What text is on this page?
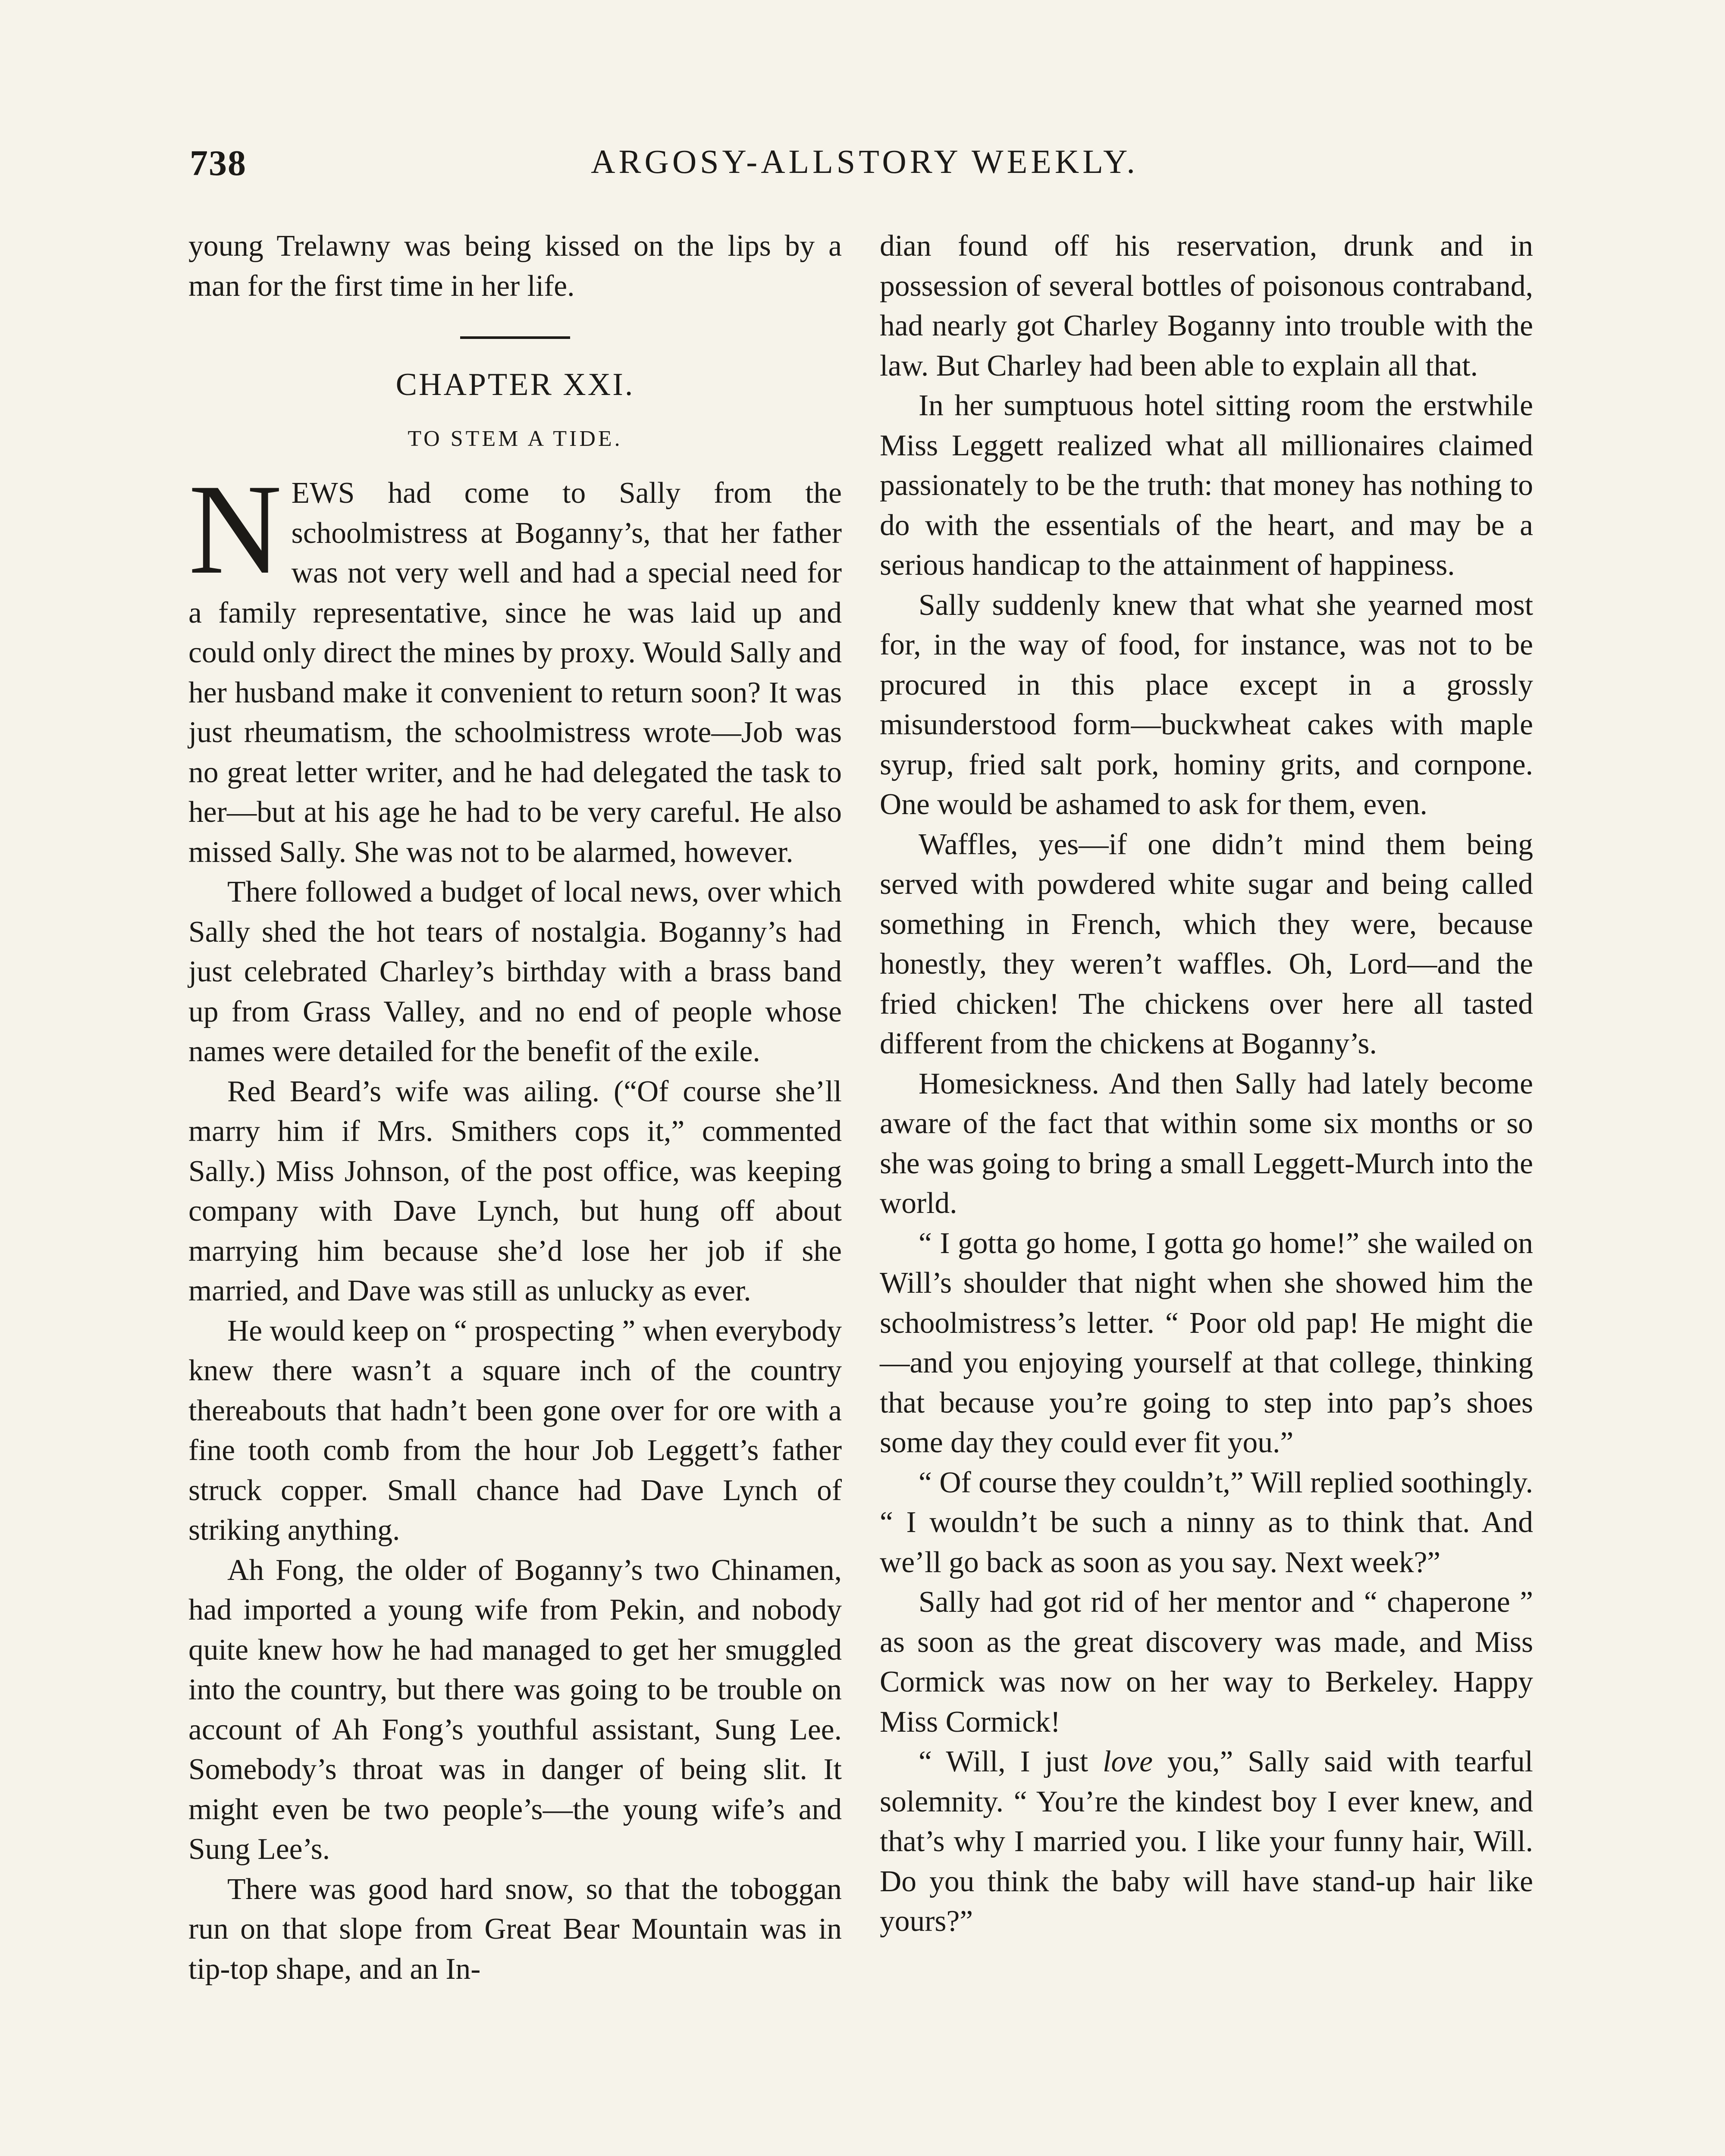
738	ARGOSY-ALLSTORY WEEKLY.

young Trelawny was being kissed on the lips by a man for the first time in her life.

CHAPTER XXI.
TO STEM A TIDE.

NEWS had come to Sally from the schoolmistress at Boganny’s, that her father was not very well and had a special need for a family representative, since he was laid up and could only direct the mines by proxy. Would Sally and her husband make it convenient to return soon? It was just rheumatism, the schoolmistress wrote—Job was no great letter writer, and he had delegated the task to her—but at his age he had to be very careful. He also missed Sally. She was not to be alarmed, however.

There followed a budget of local news, over which Sally shed the hot tears of nostalgia. Boganny’s had just celebrated Charley’s birthday with a brass band up from Grass Valley, and no end of people whose names were detailed for the benefit of the exile.

Red Beard’s wife was ailing. (“Of course she’ll marry him if Mrs. Smithers cops it,” commented Sally.) Miss Johnson, of the post office, was keeping company with Dave Lynch, but hung off about marrying him because she’d lose her job if she married, and Dave was still as unlucky as ever.

He would keep on “ prospecting ” when everybody knew there wasn’t a square inch of the country thereabouts that hadn’t been gone over for ore with a fine tooth comb from the hour Job Leggett’s father struck copper. Small chance had Dave Lynch of striking anything.

Ah Fong, the older of Boganny’s two Chinamen, had imported a young wife from Pekin, and nobody quite knew how he had managed to get her smuggled into the country, but there was going to be trouble on account of Ah Fong’s youthful assistant, Sung Lee. Somebody’s throat was in danger of being slit. It might even be two people’s—the young wife’s and Sung Lee’s.

There was good hard snow, so that the toboggan run on that slope from Great Bear Mountain was in tip-top shape, and an In-

dian found off his reservation, drunk and in possession of several bottles of poisonous contraband, had nearly got Charley Boganny into trouble with the law. But Charley had been able to explain all that.

In her sumptuous hotel sitting room the erstwhile Miss Leggett realized what all millionaires claimed passionately to be the truth: that money has nothing to do with the essentials of the heart, and may be a serious handicap to the attainment of happiness.

Sally suddenly knew that what she yearned most for, in the way of food, for instance, was not to be procured in this place except in a grossly misunderstood form—buckwheat cakes with maple syrup, fried salt pork, hominy grits, and cornpone. One would be ashamed to ask for them, even.

Waffles, yes—if one didn’t mind them being served with powdered white sugar and being called something in French, which they were, because honestly, they weren’t waffles. Oh, Lord—and the fried chicken! The chickens over here all tasted different from the chickens at Boganny’s.

Homesickness. And then Sally had lately become aware of the fact that within some six months or so she was going to bring a small Leggett-Murch into the world.

“ I gotta go home, I gotta go home!” she wailed on Will’s shoulder that night when she showed him the schoolmistress’s letter. “ Poor old pap! He might die—and you enjoying yourself at that college, thinking that because you’re going to step into pap’s shoes some day they could ever fit you.”

“ Of course they couldn’t,” Will replied soothingly. “ I wouldn’t be such a ninny as to think that. And we’ll go back as soon as you say. Next week?”

Sally had got rid of her mentor and “ chaperone ” as soon as the great discovery was made, and Miss Cormick was now on her way to Berkeley. Happy Miss Cormick!

“ Will, I just love you,” Sally said with tearful solemnity. “ You’re the kindest boy I ever knew, and that’s why I married you. I like your funny hair, Will. Do you think the baby will have stand-up hair like yours?”
